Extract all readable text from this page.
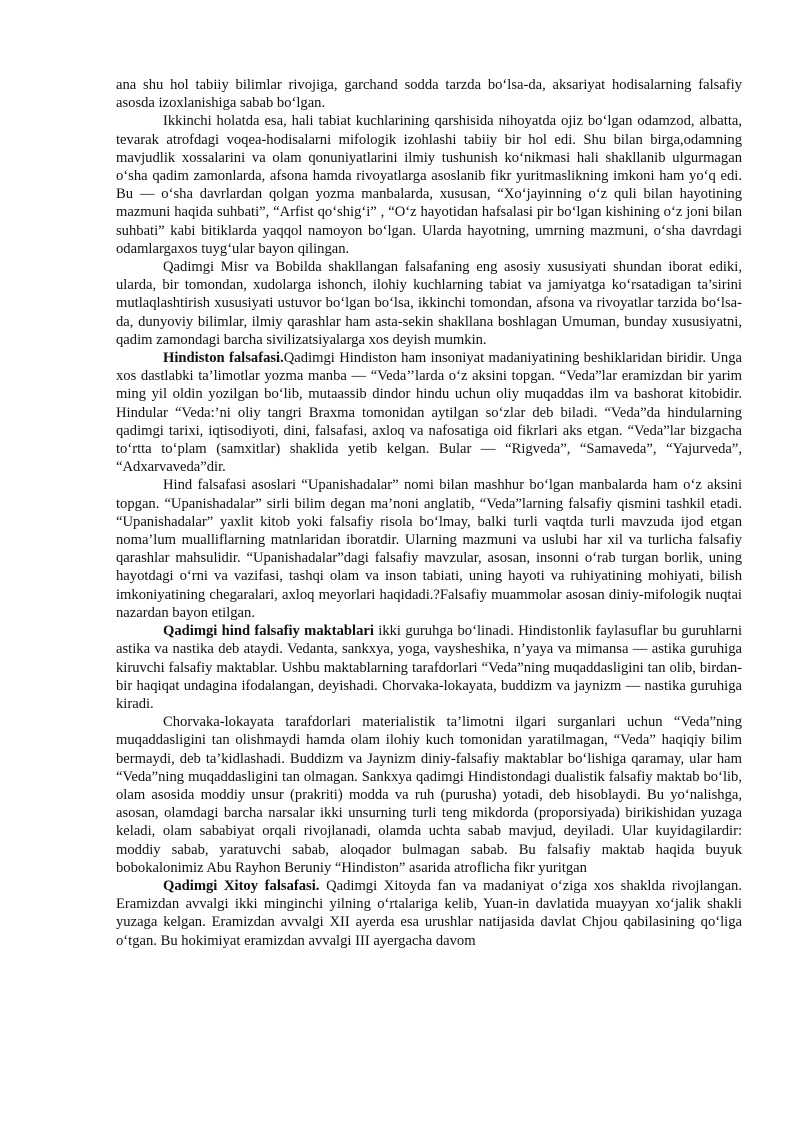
ana shu hol tabiiy bilimlar rivojiga, garchand sodda tarzda bo‘lsa-da, aksariyat hodisalarning falsafiy asosda izoxlanishiga sabab bo‘lgan.

Ikkinchi holatda esa, hali tabiat kuchlarining qarshisida nihoyatda ojiz bo‘lgan odamzod, albatta, tevarak atrofdagi voqea-hodisalarni mifologik izohlashi tabiiy bir hol edi. Shu bilan birga,odamning mavjudlik xossalarini va olam qonuniyatlarini ilmiy tushunish ko‘nikmasi hali shakllanib ulgurmagan o‘sha qadim zamonlarda, afsona hamda rivoyatlarga asoslanib fikr yuritmaslikning imkoni ham yo‘q edi. Bu — o‘sha davrlardan qolgan yozma manbalarda, xususan, “Xo‘jayinning o‘z quli bilan hayotining mazmuni haqida suhbati”, “Arfist qo‘shig‘i” , “O‘z hayotidan hafsalasi pir bo‘lgan kishining o‘z joni bilan suhbati” kabi bitiklarda yaqqol namoyon bo‘lgan. Ularda hayotning, umrning mazmuni, o‘sha davrdagi odamlargaxos tuyg‘ular bayon qilingan.

Qadimgi Misr va Bobilda shakllangan falsafaning eng asosiy xususiyati shundan iborat ediki, ularda, bir tomondan, xudolarga ishonch, ilohiy kuchlarning tabiat va jamiyatga ko‘rsatadigan ta’sirini mutlaqlashtirish xususiyati ustuvor bo‘lgan bo‘lsa, ikkinchi tomondan, afsona va rivoyatlar tarzida bo‘lsa-da, dunyoviy bilimlar, ilmiy qarashlar ham asta-sekin shakllana boshlagan Umuman, bunday xususiyatni, qadim zamondagi barcha sivilizatsiyalarga xos deyish mumkin.

Hindiston falsafasi.Qadimgi Hindiston ham insoniyat madaniyatining beshiklaridan biridir. Unga xos dastlabki ta’limotlar yozma manba — “Veda’’larda o‘z aksini topgan. “Veda”lar eramizdan bir yarim ming yil oldin yozilgan bo‘lib, mutaassib dindor hindu uchun oliy muqaddas ilm va bashorat kitobidir. Hindular “Veda:’ni oliy tangri Braxma tomonidan aytilgan so‘zlar deb biladi. “Veda”da hindularning qadimgi tarixi, iqtisodiyoti, dini, falsafasi, axloq va nafosatiga oid fikrlari aks etgan. “Veda”lar bizgacha to‘rtta to‘plam (samxitlar) shaklida yetib kelgan. Bular — “Rigveda”, “Samaveda”, “Yajurveda”, “Adxarvaveda”dir.

Hind falsafasi asoslari “Upanishadalar” nomi bilan mashhur bo‘lgan manbalarda ham o‘z aksini topgan. “Upanishadalar” sirli bilim degan ma’noni anglatib, “Veda”larning falsafiy qismini tashkil etadi. “Upanishadalar” yaxlit kitob yoki falsafiy risola bo‘lmay, balki turli vaqtda turli mavzuda ijod etgan noma’lum mualliflarning matnlaridan iboratdir. Ularning mazmuni va uslubi har xil va turlicha falsafiy qarashlar mahsulidir. “Upanishadalar”dagi falsafiy mavzular, asosan, insonni o‘rab turgan borlik, uning hayotdagi o‘rni va vazifasi, tashqi olam va inson tabiati, uning hayoti va ruhiyatining mohiyati, bilish imkoniyatining chegaralari, axloq meyorlari haqidadi.?Falsafiy muammolar asosan diniy-mifologik nuqtai nazardan bayon etilgan.

Qadimgi hind falsafiy maktablari ikki guruhga bo‘linadi. Hindistonlik faylasuflar bu guruhlarni astika va nastika deb ataydi. Vedanta, sankxya, yoga, vaysheshika, n’yaya va mimansa — astika guruhiga kiruvchi falsafiy maktablar. Ushbu maktablarning tarafdorlari “Veda”ning muqaddasligini tan olib, birdan-bir haqiqat undagina ifodalangan, deyishadi. Chorvaka-lokayata, buddizm va jaynizm — nastika guruhiga kiradi.

Chorvaka-lokayata tarafdorlari materialistik ta’limotni ilgari surganlari uchun “Veda”ning muqaddasligini tan olishmaydi hamda olam ilohiy kuch tomonidan yaratilmagan, “Veda” haqiqiy bilim bermaydi, deb ta’kidlashadi. Buddizm va Jaynizm diniy-falsafiy maktablar bo‘lishiga qaramay, ular ham “Veda”ning muqaddasligini tan olmagan. Sankxya qadimgi Hindistondagi dualistik falsafiy maktab bo‘lib, olam asosida moddiy unsur (prakriti) modda va ruh (purusha) yotadi, deb hisoblaydi. Bu yo‘nalishga, asosan, olamdagi barcha narsalar ikki unsurning turli teng mikdorda (proporsiyada) birikishidan yuzaga keladi, olam sababiyat orqali rivojlanadi, olamda uchta sabab mavjud, deyiladi. Ular kuyidagilardir: moddiy sabab, yaratuvchi sabab, aloqador bulmagan sabab. Bu falsafiy maktab haqida buyuk bobokalonimiz Abu Rayhon Beruniy “Hindiston” asarida atroflicha fikr yuritgan

Qadimgi Xitoy falsafasi. Qadimgi Xitoyda fan va madaniyat o‘ziga xos shaklda rivojlangan. Eramizdan avvalgi ikki minginchi yilning o‘rtalariga kelib, Yuan-in davlatida muayyan xo‘jalik shakli yuzaga kelgan. Eramizdan avvalgi XII ayerda esa urushlar natijasida davlat Chjou qabilasining qo‘liga o‘tgan. Bu hokimiyat eramizdan avvalgi III ayergacha davom
